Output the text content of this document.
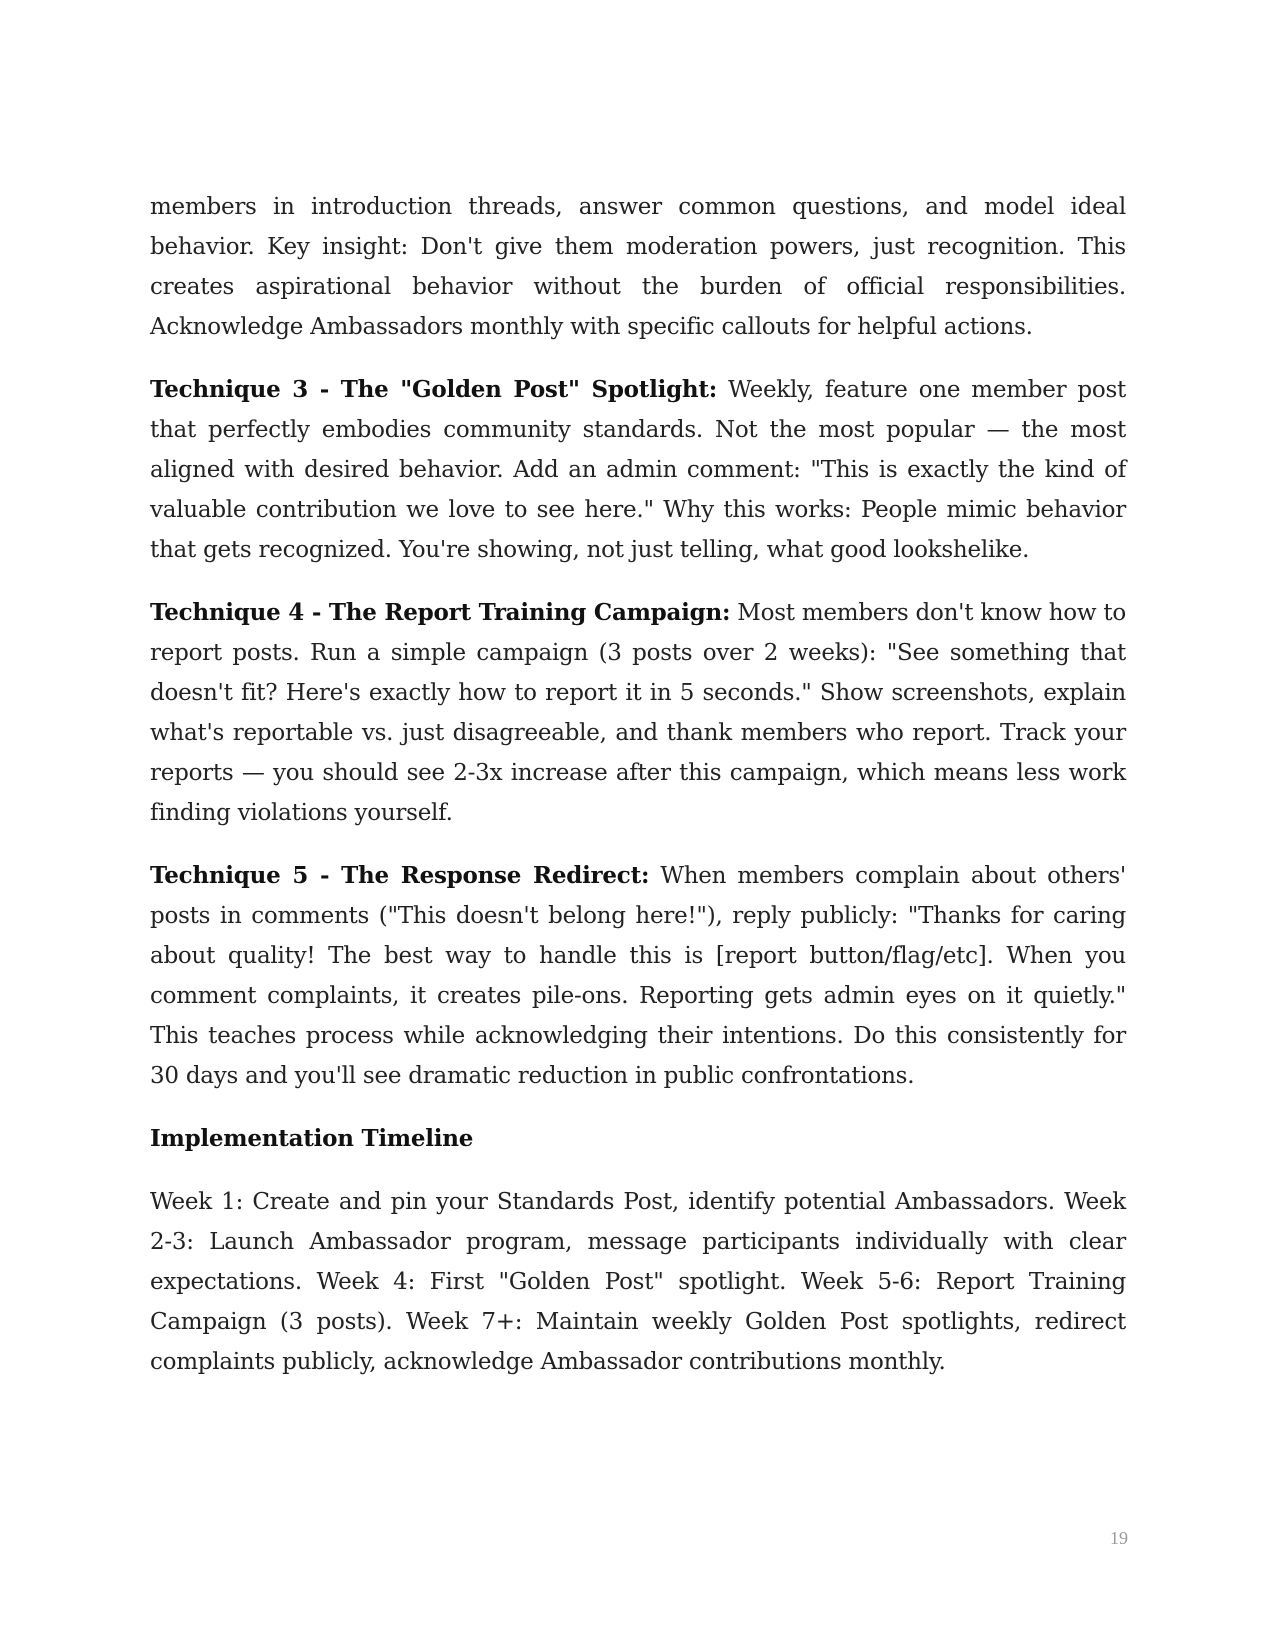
members in introduction threads, answer common questions, and model ideal behavior. Key insight: Don't give them moderation powers, just recognition. This creates aspirational behavior without the burden of official responsibilities. Acknowledge Ambassadors monthly with specific callouts for helpful actions.

Technique 3 - The "Golden Post" Spotlight: Weekly, feature one member post that perfectly embodies community standards. Not the most popular — the most aligned with desired behavior. Add an admin comment: "This is exactly the kind of valuable contribution we love to see here." Why this works: People mimic behavior that gets recognized. You're showing, not just telling, what good lookshelike.

Technique 4 - The Report Training Campaign: Most members don't know how to report posts. Run a simple campaign (3 posts over 2 weeks): "See something that doesn't fit? Here's exactly how to report it in 5 seconds." Show screenshots, explain what's reportable vs. just disagreeable, and thank members who report. Track your reports — you should see 2-3x increase after this campaign, which means less work finding violations yourself.

Technique 5 - The Response Redirect: When members complain about others' posts in comments ("This doesn't belong here!"), reply publicly: "Thanks for caring about quality! The best way to handle this is [report button/flag/etc]. When you comment complaints, it creates pile-ons. Reporting gets admin eyes on it quietly." This teaches process while acknowledging their intentions. Do this consistently for 30 days and you'll see dramatic reduction in public confrontations.

Implementation Timeline

Week 1: Create and pin your Standards Post, identify potential Ambassadors. Week 2-3: Launch Ambassador program, message participants individually with clear expectations. Week 4: First "Golden Post" spotlight. Week 5-6: Report Training Campaign (3 posts). Week 7+: Maintain weekly Golden Post spotlights, redirect complaints publicly, acknowledge Ambassador contributions monthly.

19
